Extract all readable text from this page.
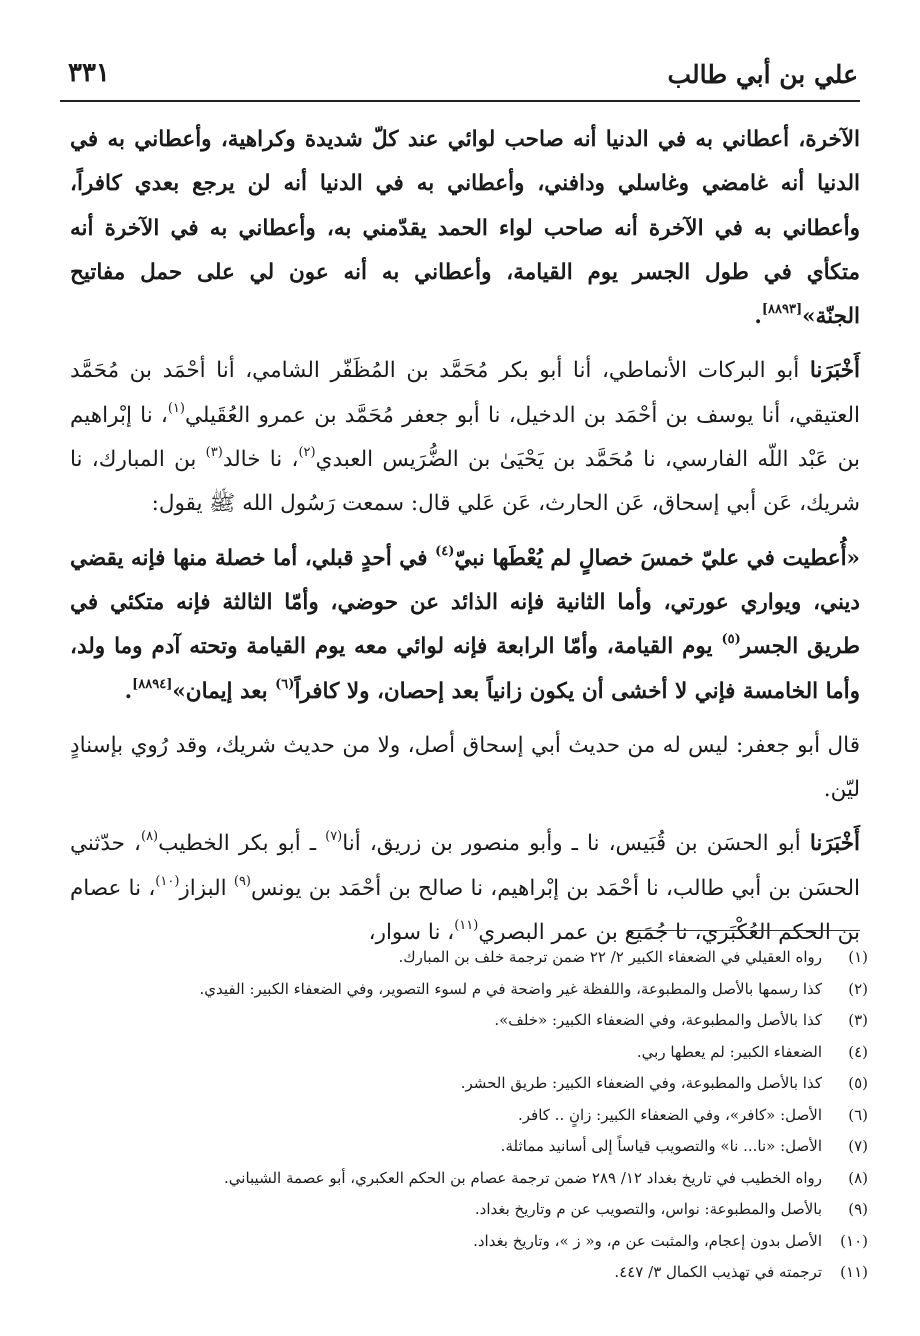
٣٣١	علي بن أبي طالب

الآخرة، أعطاني به في الدنيا أنه صاحب لوائي عند كلّ شديدة وكراهية، وأعطاني به في الدنيا أنه غامضي وغاسلي ودافني، وأعطاني به في الدنيا أنه لن يرجع بعدي كافراً، وأعطاني به في الآخرة أنه صاحب لواء الحمد يقدّمني به، وأعطاني به في الآخرة أنه متكأي في طول الجسر يوم القيامة، وأعطاني به أنه عون لي على حمل مفاتيح الجنّة»[٨٨٩٣].

أَخْبَرَنا أبو البركات الأنماطي، أنا أبو بكر مُحَمَّد بن المُظَفّر الشامي، أنا أحْمَد بن مُحَمَّد العتيقي، أنا يوسف بن أحْمَد بن الدخيل، نا أبو جعفر مُحَمَّد بن عمرو العُقَيلي$^{(١)}$، نا إبْراهيم بن عَبْد اللّه الفارسي، نا مُحَمَّد بن يَحْيَىٰ بن الضُّرَيس العبدي$^{(٢)}$، نا خالد$^{(٣)}$ بن المبارك، نا شريك، عَن أبي إسحاق، عَن الحارث، عَن عَلي قال: سمعت رَسُول الله ﷺ يقول:

«أُعطيت في عليّ خمسَ خصالٍ لم يُعْطَها نبيّ$^{(٤)}$ في أحدٍ قبلي، أما خصلة منها فإنه يقضي ديني، ويواري عورتي، وأما الثانية فإنه الذائد عن حوضي، وأمّا الثالثة فإنه متكئي في طريق الجسر$^{(٥)}$ يوم القيامة، وأمّا الرابعة فإنه لوائي معه يوم القيامة وتحته آدم وما ولد، وأما الخامسة فإني لا أخشى أن يكون زانياً بعد إحصان، ولا كافراً$^{(٦)}$ بعد إيمان»[٨٨٩٤].

قال أبو جعفر: ليس له من حديث أبي إسحاق أصل، ولا من حديث شريك، وقد رُوي بإسنادٍ ليّن.

أَخْبَرَنا أبو الحسَن بن قُبَيس، نا ـ وأبو منصور بن زريق، أنا$^{(٧)}$ ـ أبو بكر الخطيب$^{(٨)}$، حدّثني الحسَن بن أبي طالب، نا أحْمَد بن إبْراهيم، نا صالح بن أحْمَد بن يونس$^{(٩)}$ البزاز$^{(١٠)}$، نا عصام بن الحكم العُكْبَري، نا جُمَيع بن عمر البصري$^{(١١)}$، نا سوار،

(١)
رواه العقيلي في الضعفاء الكبير ٢/ ٢٢ ضمن ترجمة خلف بن المبارك.
(٢)
كذا رسمها بالأصل والمطبوعة، واللفظة غير واضحة في م لسوء التصوير، وفي الضعفاء الكبير: الفيدي.
(٣)
كذا بالأصل والمطبوعة، وفي الضعفاء الكبير: «خلف».
(٤)
الضعفاء الكبير: لم يعطها ربي.
(٥)
كذا بالأصل والمطبوعة، وفي الضعفاء الكبير: طريق الحشر.
(٦)
الأصل: «كافر»، وفي الضعفاء الكبير: زانٍ .. كافر.
(٧)
الأصل: «نا... نا» والتصويب قياساً إلى أسانيد مماثلة.
(٨)
رواه الخطيب في تاريخ بغداد ١٢/ ٢٨٩ ضمن ترجمة عصام بن الحكم العكبري، أبو عصمة الشيباني.
(٩)
بالأصل والمطبوعة: نواس، والتصويب عن م وتاريخ بغداد.
(١٠)
الأصل بدون إعجام، والمثبت عن م، و« ز »، وتاريخ بغداد.
(١١)
ترجمته في تهذيب الكمال ٣/ ٤٤٧.
